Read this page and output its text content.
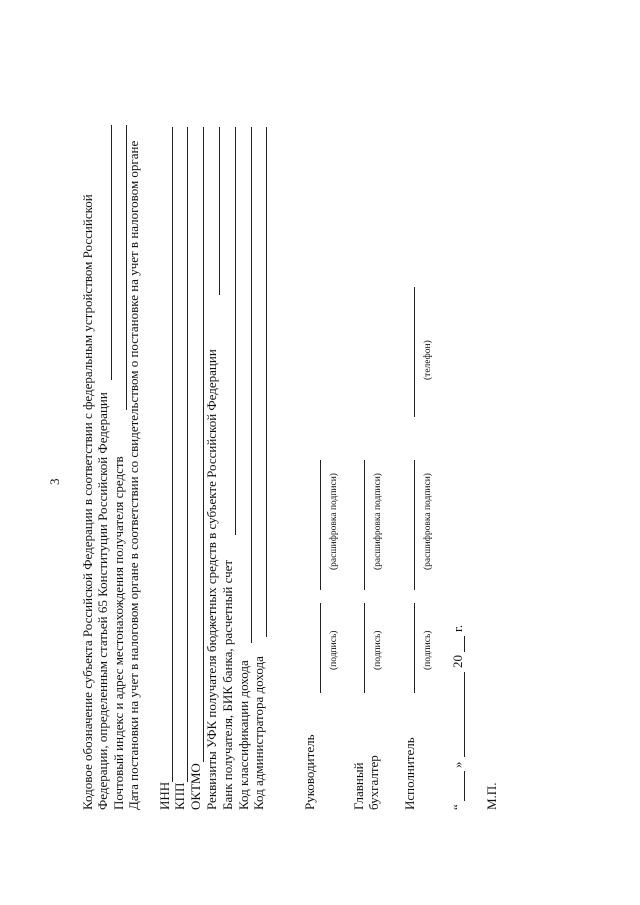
3 Кодовое обозначение субъекта Российской Федерации в соответствии с федеральным устройством Российской Федерации, определенным статьей 65 Конституции Российской Федерации Почтовый индекс и адрес местонахождения получателя средств Дата постановки на учет в налоговом органе в соответствии со свидетельством о постановке на учет в налоговом органе ИНН КПП ОКТМО Реквизиты УФК получателя бюджетных средств в субъекте Российской Федерации Банк получателя, БИК банка, расчетный счет Код классификации дохода Код администратора дохода	Руководитель
(подпись)
(расшифровка подписи)
Главный бухгалтер
(подпись)
(расшифровка подписи)
Исполнитель
(подпись)
(расшифровка подписи)
(телефон)
“
»
20
г.
М.П.
